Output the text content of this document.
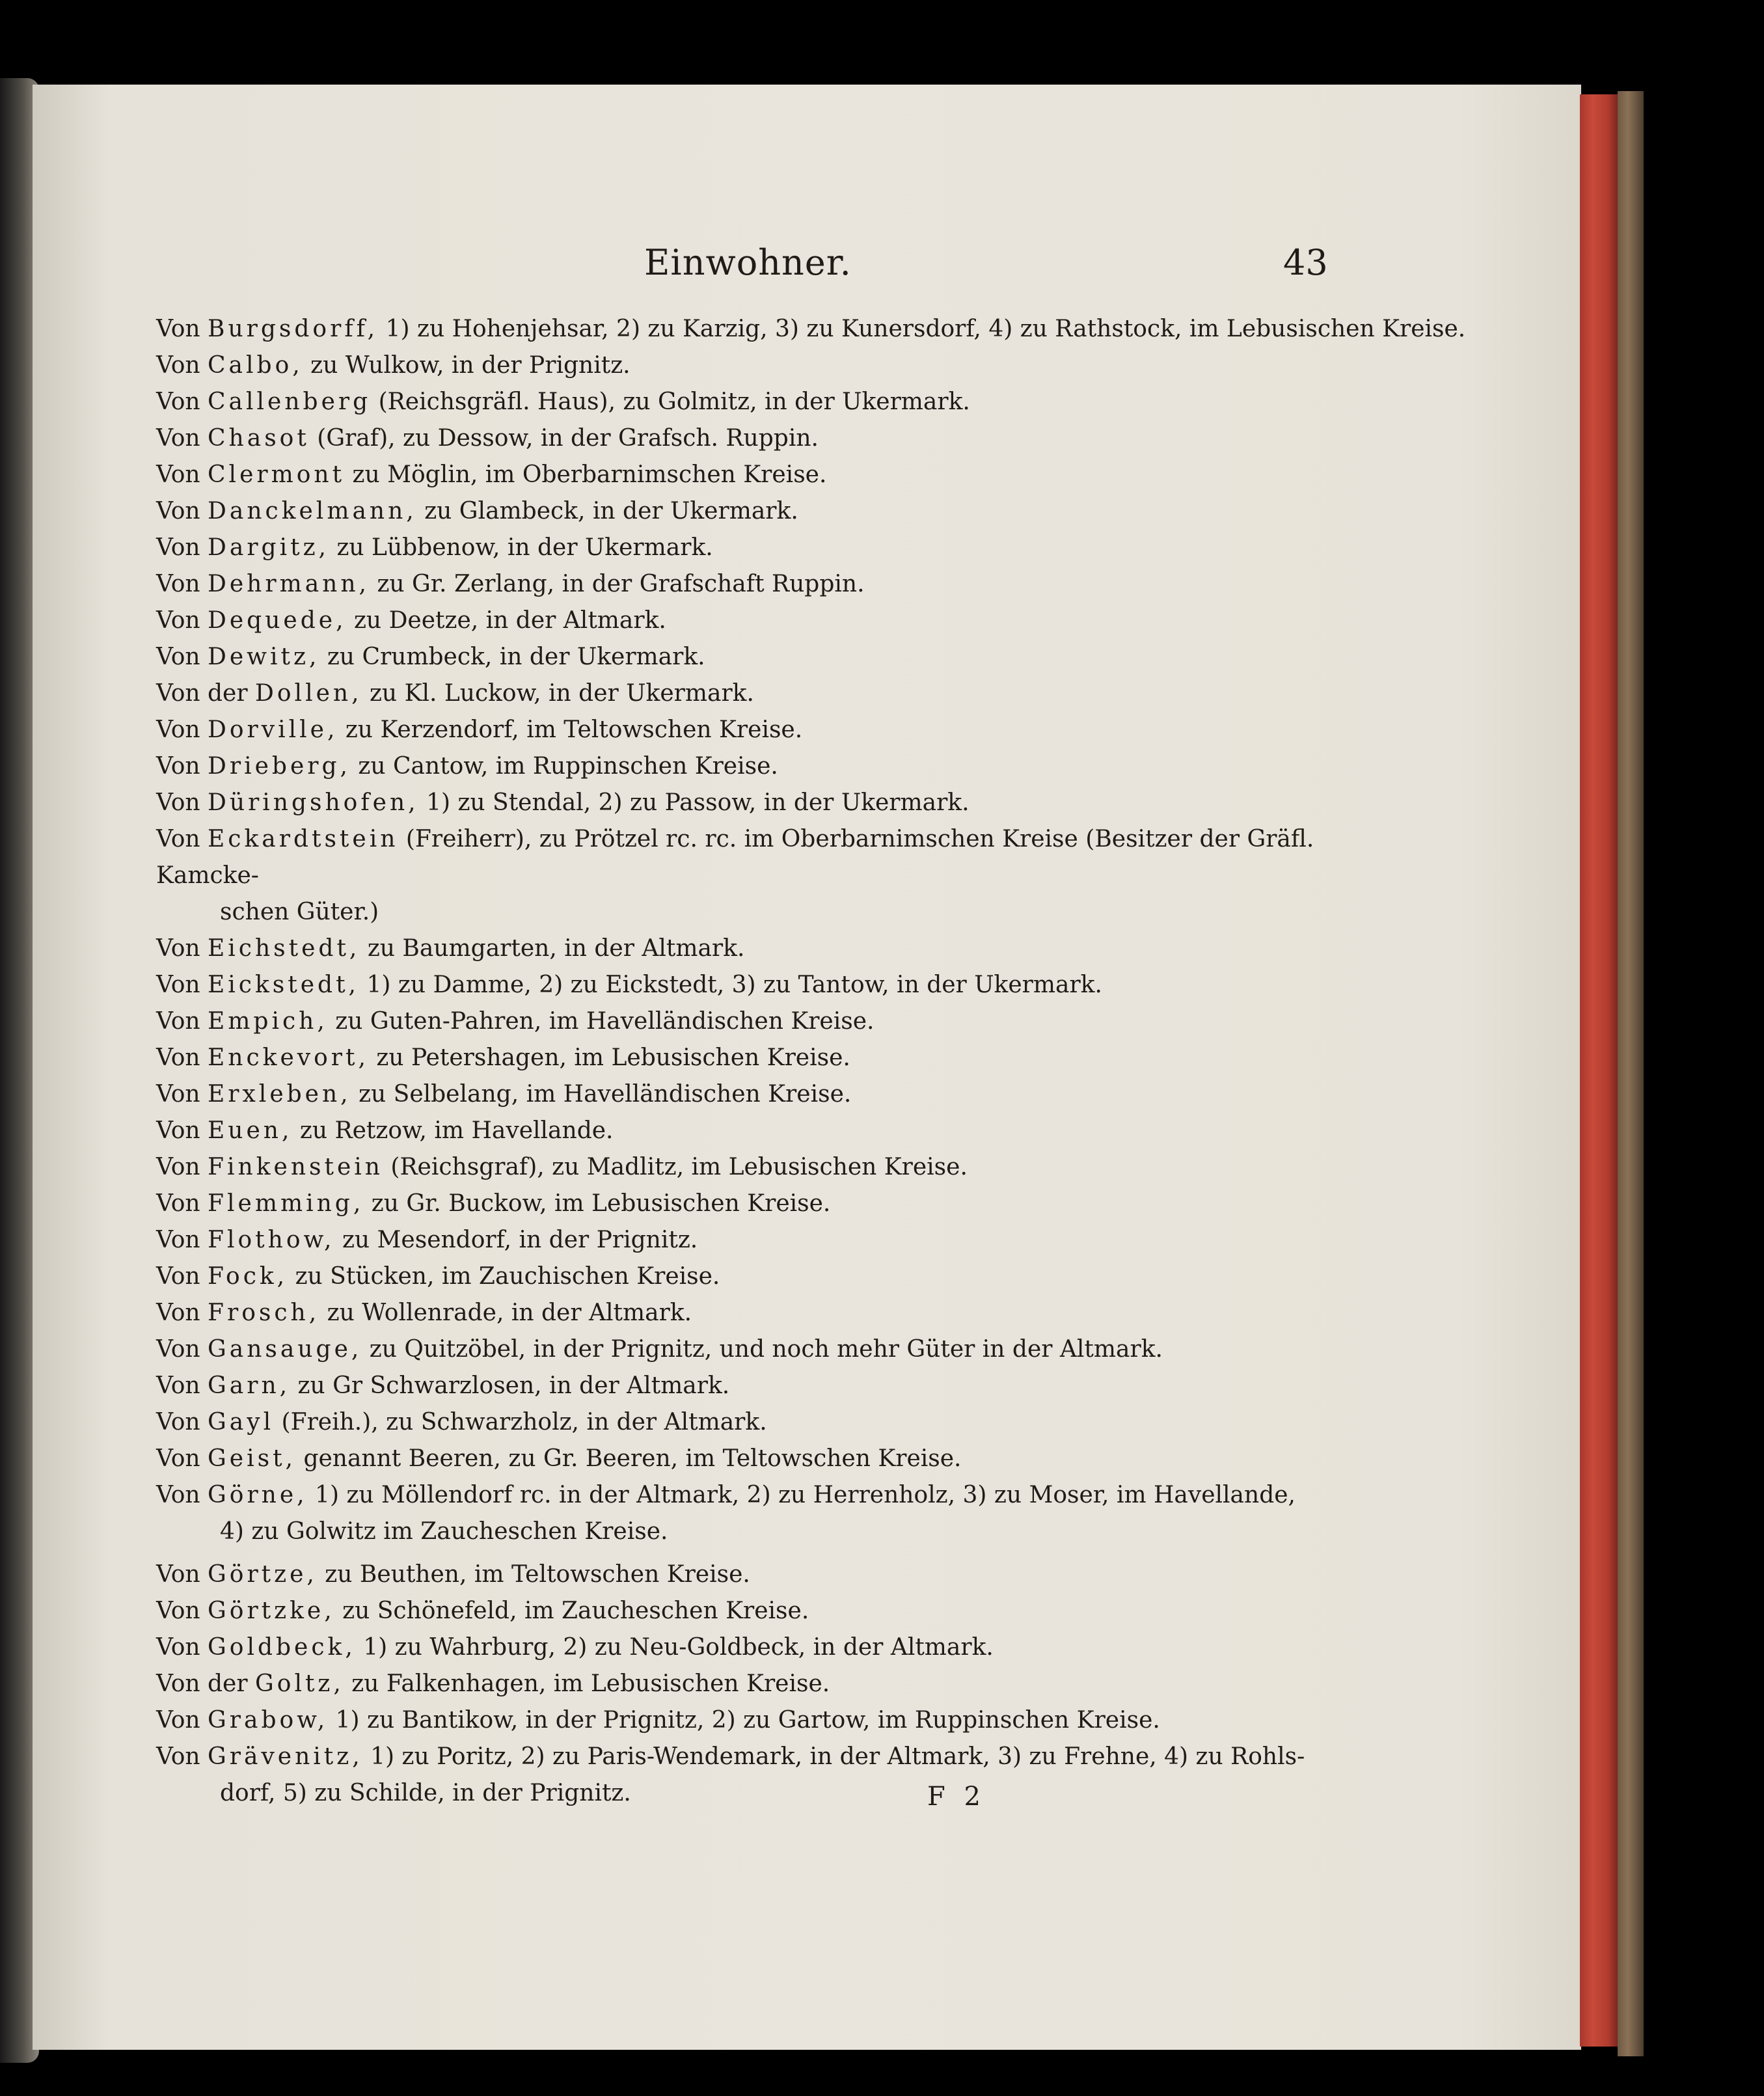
Einwohner.	43
Von Burgsdorff, 1) zu Hohenjehsar, 2) zu Karzig, 3) zu Kunersdorf, 4) zu Rathstock, im Lebusischen Kreise.
Von Calbo, zu Wulkow, in der Prignitz.
Von Callenberg (Reichsgräfl. Haus), zu Golmitz, in der Ukermark.
Von Chasot (Graf), zu Dessow, in der Grafsch. Ruppin.
Von Clermont zu Möglin, im Oberbarnimschen Kreise.
Von Danckelmann, zu Glambeck, in der Ukermark.
Von Dargitz, zu Lübbenow, in der Ukermark.
Von Dehrmann, zu Gr. Zerlang, in der Grafschaft Ruppin.
Von Dequede, zu Deetze, in der Altmark.
Von Dewitz, zu Crumbeck, in der Ukermark.
Von der Dollen, zu Kl. Luckow, in der Ukermark.
Von Dorville, zu Kerzendorf, im Teltowschen Kreise.
Von Drieberg, zu Cantow, im Ruppinschen Kreise.
Von Düringshofen, 1) zu Stendal, 2) zu Passow, in der Ukermark.
Von Eckardtstein (Freiherr), zu Prötzel rc. rc. im Oberbarnimschen Kreise (Besitzer der Gräfl. Kamcke-
schen Güter.)
Von Eichstedt, zu Baumgarten, in der Altmark.
Von Eickstedt, 1) zu Damme, 2) zu Eickstedt, 3) zu Tantow, in der Ukermark.
Von Empich, zu Guten-Pahren, im Havelländischen Kreise.
Von Enckevort, zu Petershagen, im Lebusischen Kreise.
Von Erxleben, zu Selbelang, im Havelländischen Kreise.
Von Euen, zu Retzow, im Havellande.
Von Finkenstein (Reichsgraf), zu Madlitz, im Lebusischen Kreise.
Von Flemming, zu Gr. Buckow, im Lebusischen Kreise.
Von Flothow, zu Mesendorf, in der Prignitz.
Von Fock, zu Stücken, im Zauchischen Kreise.
Von Frosch, zu Wollenrade, in der Altmark.
Von Gansauge, zu Quitzöbel, in der Prignitz, und noch mehr Güter in der Altmark.
Von Garn, zu Gr Schwarzlosen, in der Altmark.
Von Gayl (Freih.), zu Schwarzholz, in der Altmark.
Von Geist, genannt Beeren, zu Gr. Beeren, im Teltowschen Kreise.
Von Görne, 1) zu Möllendorf rc. in der Altmark, 2) zu Herrenholz, 3) zu Moser, im Havellande,
4) zu Golwitz im Zaucheschen Kreise.
Von Görtze, zu Beuthen, im Teltowschen Kreise.
Von Görtzke, zu Schönefeld, im Zaucheschen Kreise.
Von Goldbeck, 1) zu Wahrburg, 2) zu Neu-Goldbeck, in der Altmark.
Von der Goltz, zu Falkenhagen, im Lebusischen Kreise.
Von Grabow, 1) zu Bantikow, in der Prignitz, 2) zu Gartow, im Ruppinschen Kreise.
Von Grävenitz, 1) zu Poritz, 2) zu Paris-Wendemark, in der Altmark, 3) zu Frehne, 4) zu Rohls-
dorf, 5) zu Schilde, in der Prignitz.	F 2
